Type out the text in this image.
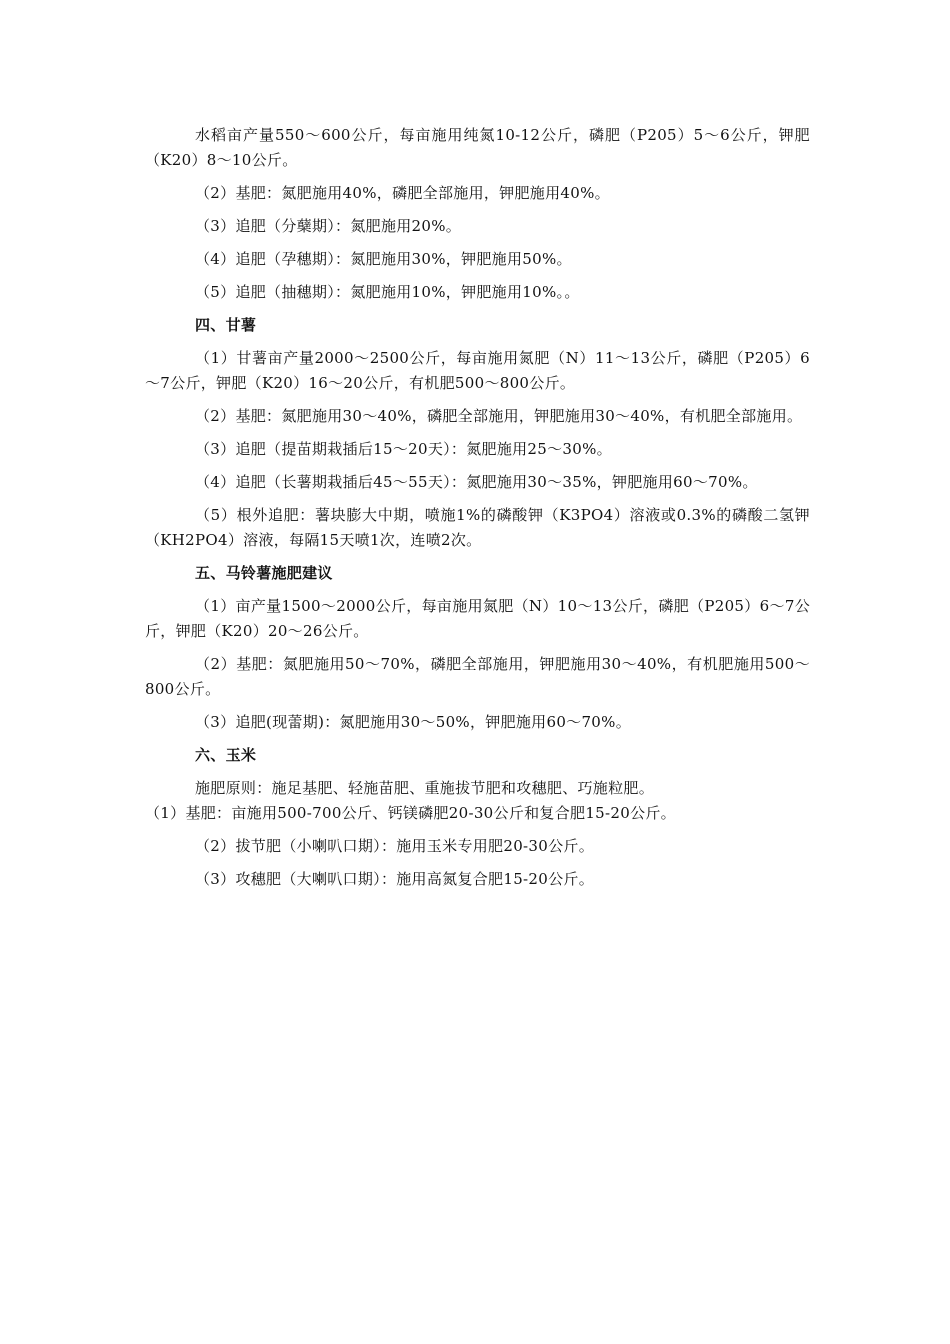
水稻亩产量550～600公斤，每亩施用纯氮10-12公斤，磷肥（P205）5～6公斤，钾肥（K20）8～10公斤。

（2）基肥：氮肥施用40%，磷肥全部施用，钾肥施用40%。

（3）追肥（分蘖期）：氮肥施用20%。

（4）追肥（孕穗期）：氮肥施用30%，钾肥施用50%。

（5）追肥（抽穗期）：氮肥施用10%，钾肥施用10%。。

四、甘薯

（1）甘薯亩产量2000～2500公斤，每亩施用氮肥（N）11～13公斤，磷肥（P205）6～7公斤，钾肥（K20）16～20公斤，有机肥500～800公斤。

（2）基肥：氮肥施用30～40%，磷肥全部施用，钾肥施用30～40%，有机肥全部施用。

（3）追肥（提苗期栽插后15～20天）：氮肥施用25～30%。

（4）追肥（长薯期栽插后45～55天）：氮肥施用30～35%，钾肥施用60～70%。

（5）根外追肥：薯块膨大中期，喷施1%的磷酸钾（K3PO4）溶液或0.3%的磷酸二氢钾（KH2PO4）溶液，每隔15天喷1次，连喷2次。

五、马铃薯施肥建议

（1）亩产量1500～2000公斤，每亩施用氮肥（N）10～13公斤，磷肥（P205）6～7公斤，钾肥（K20）20～26公斤。

（2）基肥：氮肥施用50～70%，磷肥全部施用，钾肥施用30～40%，有机肥施用500～800公斤。

（3）追肥(现蕾期)：氮肥施用30～50%，钾肥施用60～70%。

六、玉米

施肥原则：施足基肥、轻施苗肥、重施拔节肥和攻穗肥、巧施粒肥。
（1）基肥：亩施用500-700公斤、钙镁磷肥20-30公斤和复合肥15-20公斤。

（2）拔节肥（小喇叭口期）：施用玉米专用肥20-30公斤。

（3）攻穗肥（大喇叭口期）：施用高氮复合肥15-20公斤。
